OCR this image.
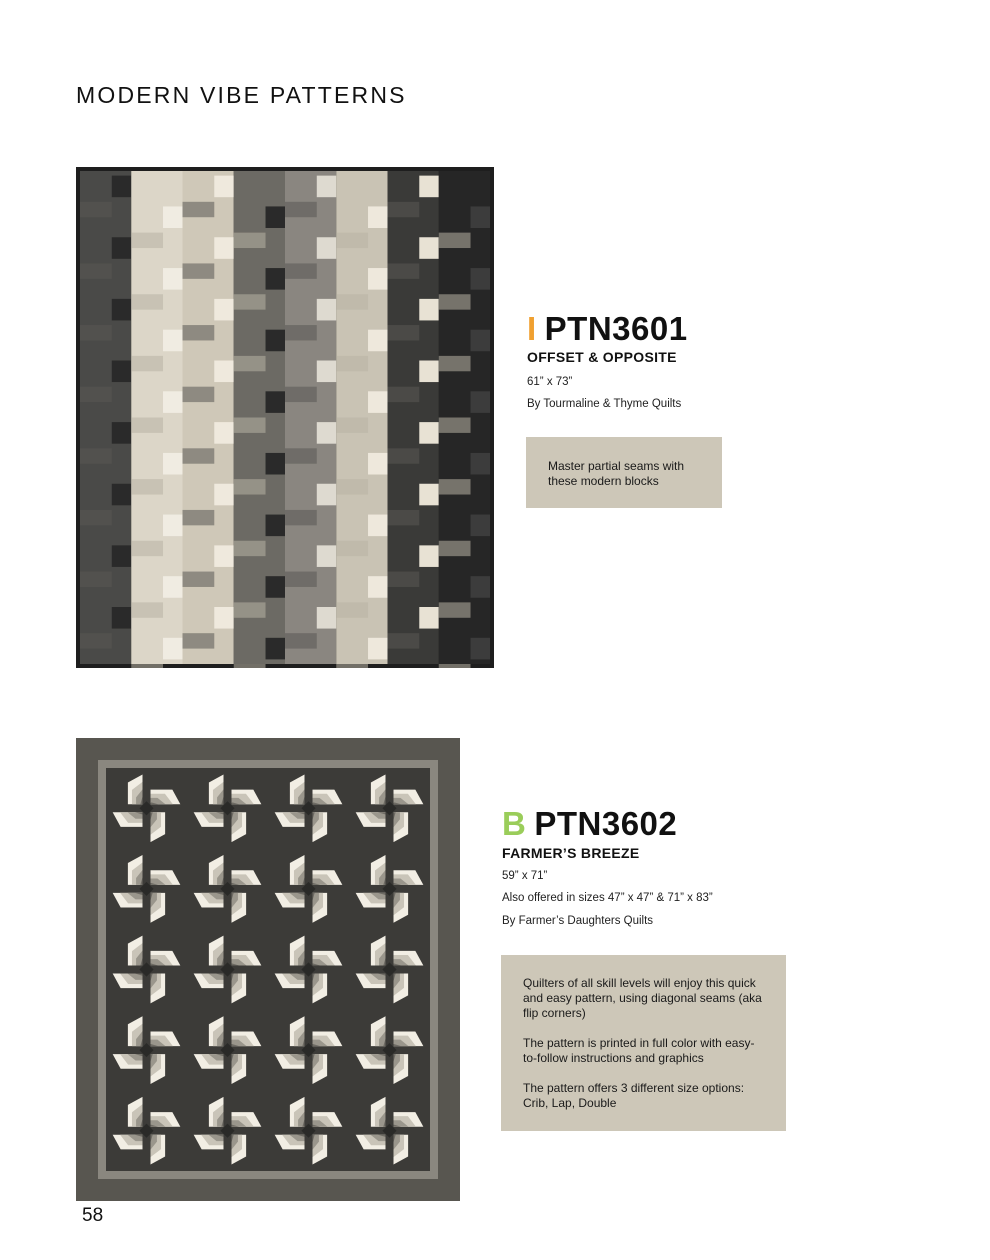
MODERN VIBE PATTERNS
I PTN3601
OFFSET & OPPOSITE
61” x 73”
By Tourmaline & Thyme Quilts

Master partial seams with these modern blocks

B PTN3602
FARMER’S BREEZE
59” x 71”
Also offered in sizes 47” x 47” & 71” x 83”
By Farmer’s Daughters Quilts

Quilters of all skill levels will enjoy this quick and easy pattern, using diagonal seams (aka flip corners)

The pattern is printed in full color with easy-to-follow instructions and graphics

The pattern offers 3 different size options: Crib, Lap, Double

58
